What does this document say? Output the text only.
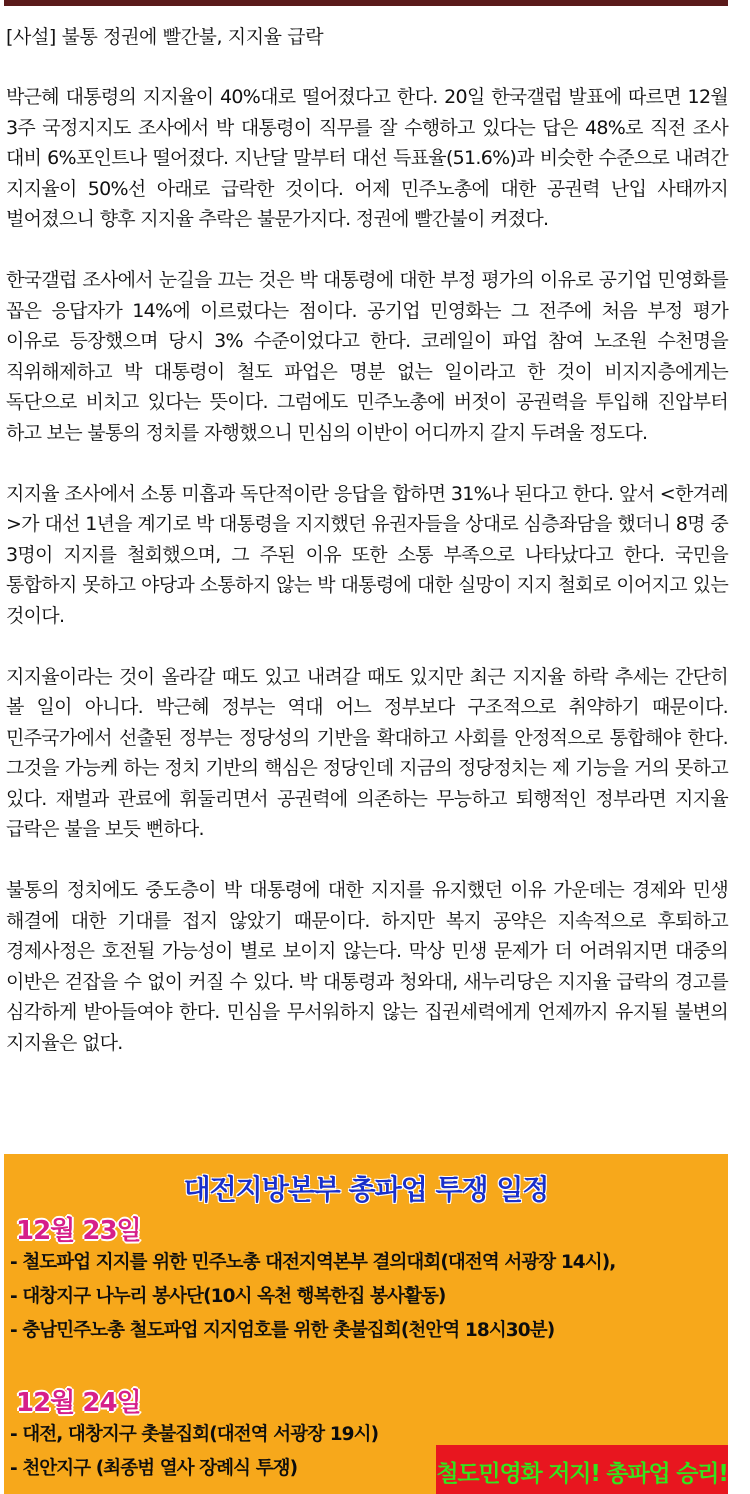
[사설] 불통 정권에 빨간불, 지지율 급락

박근혜 대통령의 지지율이 40%대로 떨어졌다고 한다. 20일 한국갤럽 발표에 따르면 12월 3주 국정지지도 조사에서 박 대통령이 직무를 잘 수행하고 있다는 답은 48%로 직전 조사 대비 6%포인트나 떨어졌다. 지난달 말부터 대선 득표율(51.6%)과 비슷한 수준으로 내려간 지지율이 50%선 아래로 급락한 것이다. 어제 민주노총에 대한 공권력 난입 사태까지 벌어졌으니 향후 지지율 추락은 불문가지다. 정권에 빨간불이 켜졌다.

한국갤럽 조사에서 눈길을 끄는 것은 박 대통령에 대한 부정 평가의 이유로 공기업 민영화를 꼽은 응답자가 14%에 이르렀다는 점이다. 공기업 민영화는 그 전주에 처음 부정 평가 이유로 등장했으며 당시 3% 수준이었다고 한다. 코레일이 파업 참여 노조원 수천명을 직위해제하고 박 대통령이 철도 파업은 명분 없는 일이라고 한 것이 비지지층에게는 독단으로 비치고 있다는 뜻이다. 그럼에도 민주노총에 버젓이 공권력을 투입해 진압부터 하고 보는 불통의 정치를 자행했으니 민심의 이반이 어디까지 갈지 두려울 정도다.

지지율 조사에서 소통 미흡과 독단적이란 응답을 합하면 31%나 된다고 한다. 앞서 <한겨레>가 대선 1년을 계기로 박 대통령을 지지했던 유권자들을 상대로 심층좌담을 했더니 8명 중 3명이 지지를 철회했으며, 그 주된 이유 또한 소통 부족으로 나타났다고 한다. 국민을 통합하지 못하고 야당과 소통하지 않는 박 대통령에 대한 실망이 지지 철회로 이어지고 있는 것이다.

지지율이라는 것이 올라갈 때도 있고 내려갈 때도 있지만 최근 지지율 하락 추세는 간단히 볼 일이 아니다. 박근혜 정부는 역대 어느 정부보다 구조적으로 취약하기 때문이다. 민주국가에서 선출된 정부는 정당성의 기반을 확대하고 사회를 안정적으로 통합해야 한다. 그것을 가능케 하는 정치 기반의 핵심은 정당인데 지금의 정당정치는 제 기능을 거의 못하고 있다. 재벌과 관료에 휘둘리면서 공권력에 의존하는 무능하고 퇴행적인 정부라면 지지율 급락은 불을 보듯 뻔하다.

불통의 정치에도 중도층이 박 대통령에 대한 지지를 유지했던 이유 가운데는 경제와 민생 해결에 대한 기대를 접지 않았기 때문이다. 하지만 복지 공약은 지속적으로 후퇴하고 경제사정은 호전될 가능성이 별로 보이지 않는다. 막상 민생 문제가 더 어려워지면 대중의 이반은 걷잡을 수 없이 커질 수 있다. 박 대통령과 청와대, 새누리당은 지지율 급락의 경고를 심각하게 받아들여야 한다. 민심을 무서워하지 않는 집권세력에게 언제까지 유지될 불변의 지지율은 없다.

대전지방본부 총파업 투쟁 일정
12월 23일
- 철도파업 지지를 위한 민주노총 대전지역본부 결의대회(대전역 서광장 14시),
- 대창지구 나누리 봉사단(10시 옥천 행복한집 봉사활동)
- 충남민주노총 철도파업 지지엄호를 위한 촛불집회(천안역 18시30분)
12월 24일
- 대전, 대창지구 촛불집회(대전역 서광장 19시)
- 천안지구 (최종범 열사 장례식 투쟁)	철도민영화 저지! 총파업 승리!
